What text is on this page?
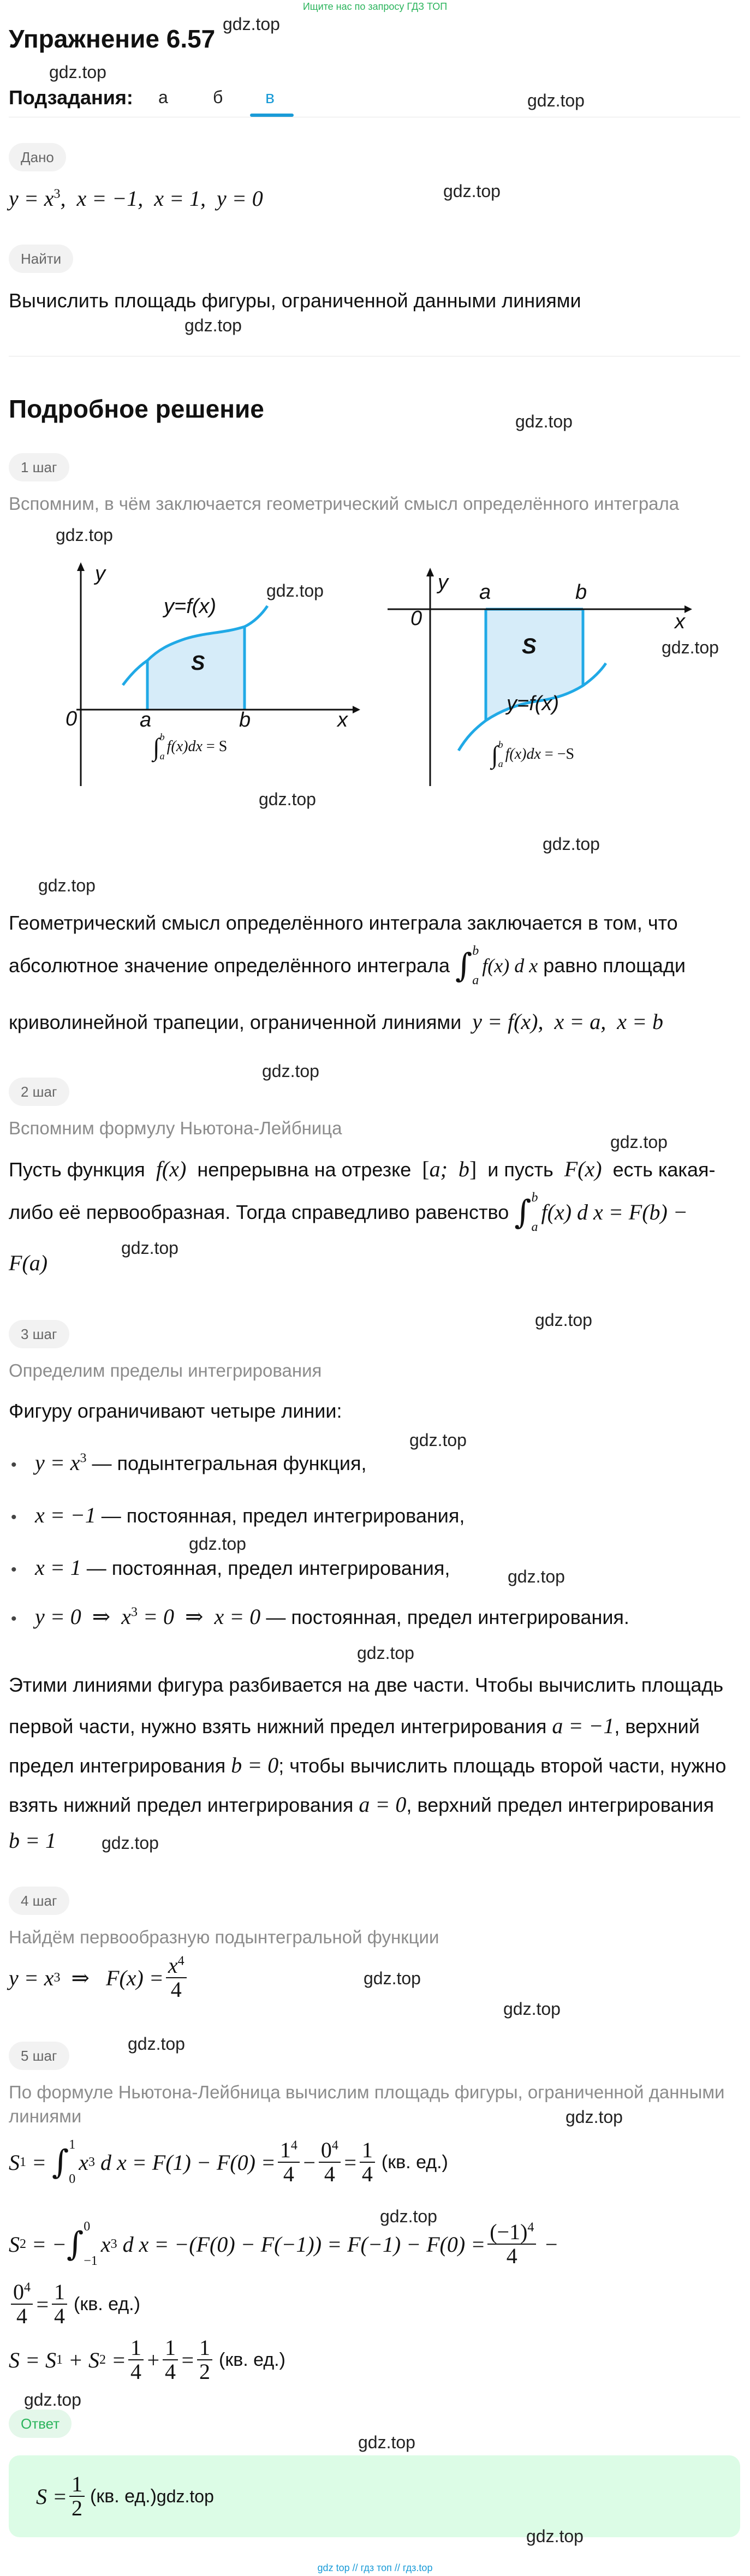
Ищите нас по запросу ГДЗ ТОП
Упражнение 6.57
gdz.top
gdz.top
Подзадания: а	б в	gdz.top
Дано
$y = x^3$,  x = −1,  x = 1,  y = 0	gdz.top
Найти
Вычислить площадь фигуры, ограниченной данными линиями
gdz.top
Подробное решение	gdz.top
1 шаг
Вспомним, в чём заключается геометрический смысл определённого интеграла
gdz.top
y
x
0	a	b
S
y=f(x)
∫ b
a
f(x)dx
= S
gdz.top
gdz.top
y
x
0
a	b
S
y=f(x)
∫ b
a
f(x)dx
= −S
gdz.top
gdz.top
gdz.top
Геометрический смысл определённого интеграла заключается в том, что
абсолютное значение определённого интеграла ∫ b
a
f(x) d x равно площади
криволинейной трапеции, ограниченной линиями  y = f(x),  x = a,  x = b
gdz.top
2 шаг
Вспомним формулу Ньютона-Лейбница
gdz.top
Пусть функция  f(x)  непрерывна на отрезке [a;  b] и пусть  F(x)  есть какая-
либо её первообразная. Тогда справедливо равенство ∫ b
a
f(x) d x = F(b) −
F(a)
gdz.top
gdz.top
3 шаг
Определим пределы интегрирования
Фигуру ограничивают четыре линии:
gdz.top
• $y = x^3$ — подынтегральная функция,
• x = −1 — постоянная, предел интегрирования,
• x = 1 — постоянная, предел интегрирования,
• y = 0  ⇒  $x^3 = 0$  ⇒  x = 0 — постоянная, предел интегрирования.
gdz.top
gdz.top
gdz.top
Этими линиями фигура разбивается на две части. Чтобы вычислить площадь
первой части, нужно взять нижний предел интегрирования a = −1, верхний
предел интегрирования b = 0; чтобы вычислить площадь второй части, нужно
взять нижний предел интегрирования a = 0, верхний предел интегрирования
b = 1	gdz.top
4 шаг
Найдём первообразную подынтегральной функции
y = x 3
⇒ $F(x) = \frac{x^4}{4}$	gdz.top
gdz.top
5 шаг
gdz.top
По формуле Ньютона-Лейбница вычислим площадь фигуры, ограниченной данными
линиями	gdz.top
S 1 = ∫ 1
0
x 3 d $x = F(1) - F(0) = \frac{1^4}{4} - \frac{0^4}{4} = \frac{1}{4} (кв$. ед.)
gdz.top
S 2 = − ∫ 0
−1
x 3 d $x = -(F(0) - F(-1)) = F(-1) - F(0) = \frac{(-1)^4}{4}$ −
$\frac{0^4}{4} = \frac{1}{4} (кв$. ед.)
S = S 1 + S $2 = \frac{1}{4} + \frac{1}{4} = \frac{1}{2} (кв$. ед.)
gdz.top
Ответ
gdz.top
$S = \frac{1}{2} (кв$. ед.) gdz.top
gdz.top
gdz top // гдз топ // гдз.top
